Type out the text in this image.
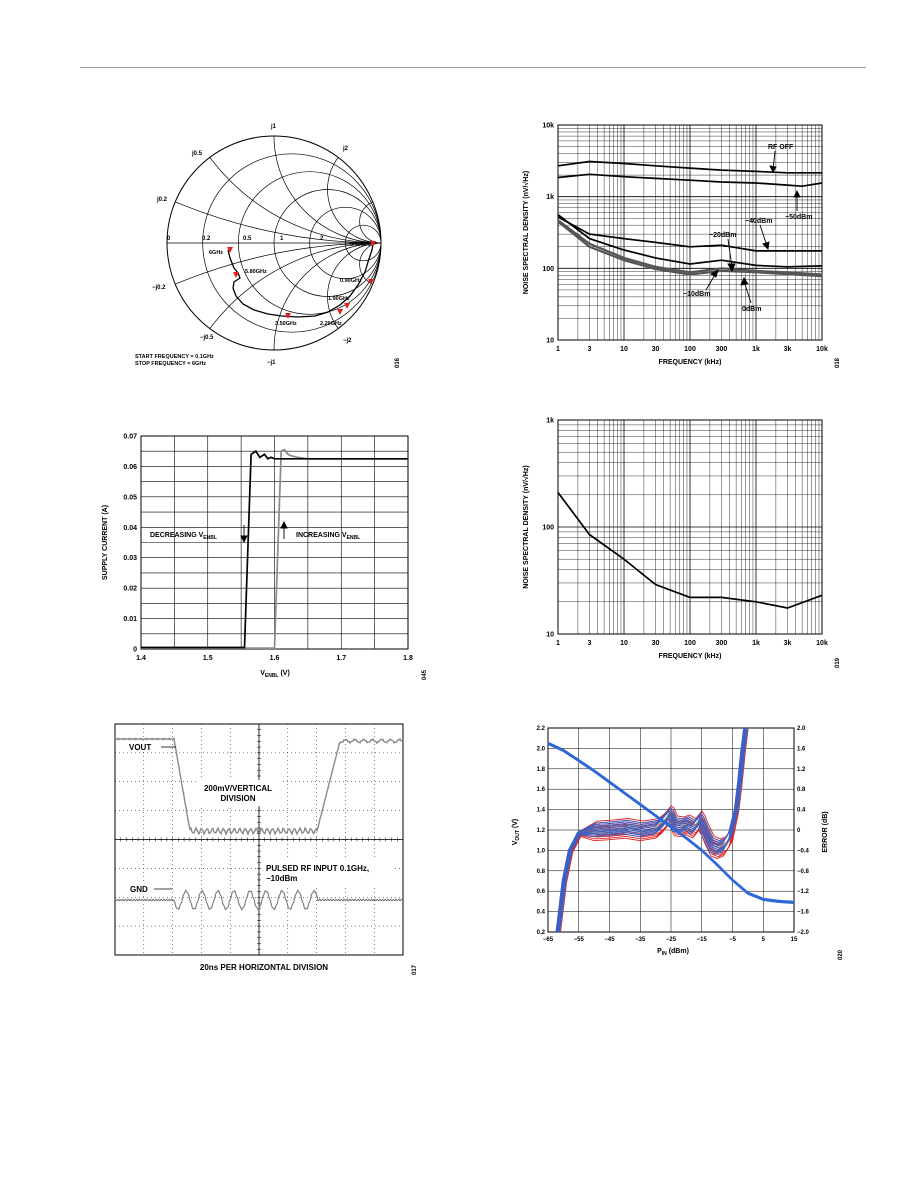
j1
−j1
j0.5
j2
j0.2
−j0.2
−j0.5	−j2
0	0.2	0.5	1	2
0.10GHz
0.90GHz
1.90GHz
2.20GHz
3.50GHz
5.80GHz
6GHz
START FREQUENCY = 0.1GHz
STOP FREQUENCY = 6GHz	016
1	3	10	30	100	300	1k	3k	10k
10
100
1k
10k
FREQUENCY (kHz)
NOISE SPECTRAL DENSITY (nV/√Hz)
RF OFF
−50dBm
−40dBm
−20dBm
−10dBm
0dBm
018
1.4	1.5	1.6	1.7	1.8
0
0.01
0.02
0.03
0.04
0.05
0.06
0.07
SUPPLY CURRENT (A)
$V_{ENBL}$ (V)
DECREASING $V_{ENBL}$	INCREASING $V_{ENBL}$
045
1	3	10	30	100	300	1k	3k	10k
10
100
1k
FREQUENCY (kHz)
NOISE SPECTRAL DENSITY (nV/√Hz)
019
VOUT
200mV/VERTICAL
DIVISION
PULSED RF INPUT 0.1GHz,
−10dBm
GND
20ns PER HORIZONTAL DIVISION	017
−65	−55	−45	−35	−25	−15	−5	5	15
0.2
0.4
0.6
0.8
1.0
1.2
1.4
1.6
1.8
2.0
2.2
−2.0
−1.6
−1.2
−0.8
−0.4
0
0.4
0.8
1.2
1.6
2.0
$V_{OUT}$ (V)	ERROR (dB)
$P_{IN}$ (dBm)	020
